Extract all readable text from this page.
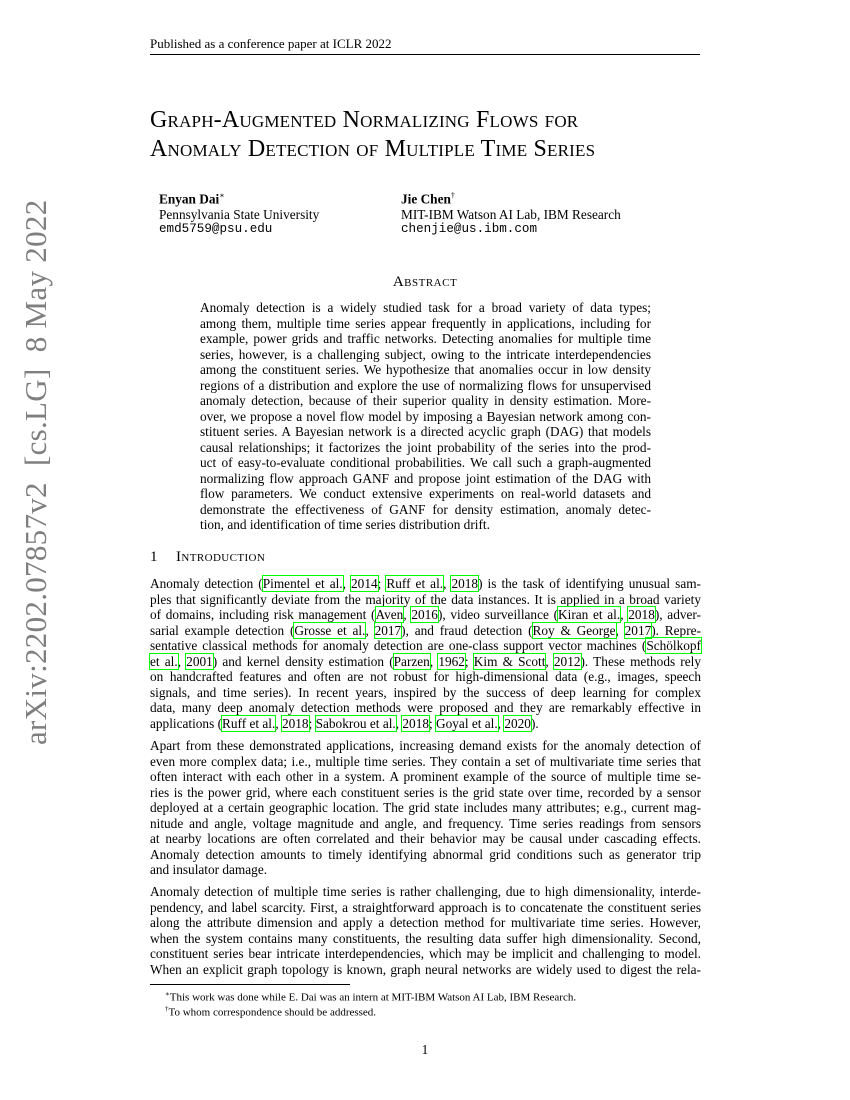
Published as a conference paper at ICLR 2022
Graph-Augmented Normalizing Flows for
Anomaly Detection of Multiple Time Series
Enyan Dai∗
Pennsylvania State University
emd5759@psu.edu
Jie Chen†
MIT-IBM Watson AI Lab, IBM Research
chenjie@us.ibm.com
Abstract
Anomaly detection is a widely studied task for a broad variety of data types;
among them, multiple time series appear frequently in applications, including for
example, power grids and traffic networks. Detecting anomalies for multiple time
series, however, is a challenging subject, owing to the intricate interdependencies
among the constituent series. We hypothesize that anomalies occur in low density
regions of a distribution and explore the use of normalizing flows for unsupervised
anomaly detection, because of their superior quality in density estimation. More-
over, we propose a novel flow model by imposing a Bayesian network among con-
stituent series. A Bayesian network is a directed acyclic graph (DAG) that models
causal relationships; it factorizes the joint probability of the series into the prod-
uct of easy-to-evaluate conditional probabilities. We call such a graph-augmented
normalizing flow approach GANF and propose joint estimation of the DAG with
flow parameters. We conduct extensive experiments on real-world datasets and
demonstrate the effectiveness of GANF for density estimation, anomaly detec-
tion, and identification of time series distribution drift.
1 Introduction
Anomaly detection (Pimentel et al., 2014; Ruff et al., 2018) is the task of identifying unusual sam-
ples that significantly deviate from the majority of the data instances. It is applied in a broad variety
of domains, including risk management (Aven, 2016), video surveillance (Kiran et al., 2018), adver-
sarial example detection (Grosse et al., 2017), and fraud detection (Roy & George, 2017). Repre-
sentative classical methods for anomaly detection are one-class support vector machines (Schölkopf
et al., 2001) and kernel density estimation (Parzen, 1962; Kim & Scott, 2012). These methods rely
on handcrafted features and often are not robust for high-dimensional data (e.g., images, speech
signals, and time series). In recent years, inspired by the success of deep learning for complex
data, many deep anomaly detection methods were proposed and they are remarkably effective in
applications (Ruff et al., 2018; Sabokrou et al., 2018; Goyal et al., 2020).
Apart from these demonstrated applications, increasing demand exists for the anomaly detection of
even more complex data; i.e., multiple time series. They contain a set of multivariate time series that
often interact with each other in a system. A prominent example of the source of multiple time se-
ries is the power grid, where each constituent series is the grid state over time, recorded by a sensor
deployed at a certain geographic location. The grid state includes many attributes; e.g., current mag-
nitude and angle, voltage magnitude and angle, and frequency. Time series readings from sensors
at nearby locations are often correlated and their behavior may be causal under cascading effects.
Anomaly detection amounts to timely identifying abnormal grid conditions such as generator trip
and insulator damage.
Anomaly detection of multiple time series is rather challenging, due to high dimensionality, interde-
pendency, and label scarcity. First, a straightforward approach is to concatenate the constituent series
along the attribute dimension and apply a detection method for multivariate time series. However,
when the system contains many constituents, the resulting data suffer high dimensionality. Second,
constituent series bear intricate interdependencies, which may be implicit and challenging to model.
When an explicit graph topology is known, graph neural networks are widely used to digest the rela-
∗This work was done while E. Dai was an intern at MIT-IBM Watson AI Lab, IBM Research.
†To whom correspondence should be addressed.
1
arXiv:2202.07857v2  [cs.LG]  8 May 2022
